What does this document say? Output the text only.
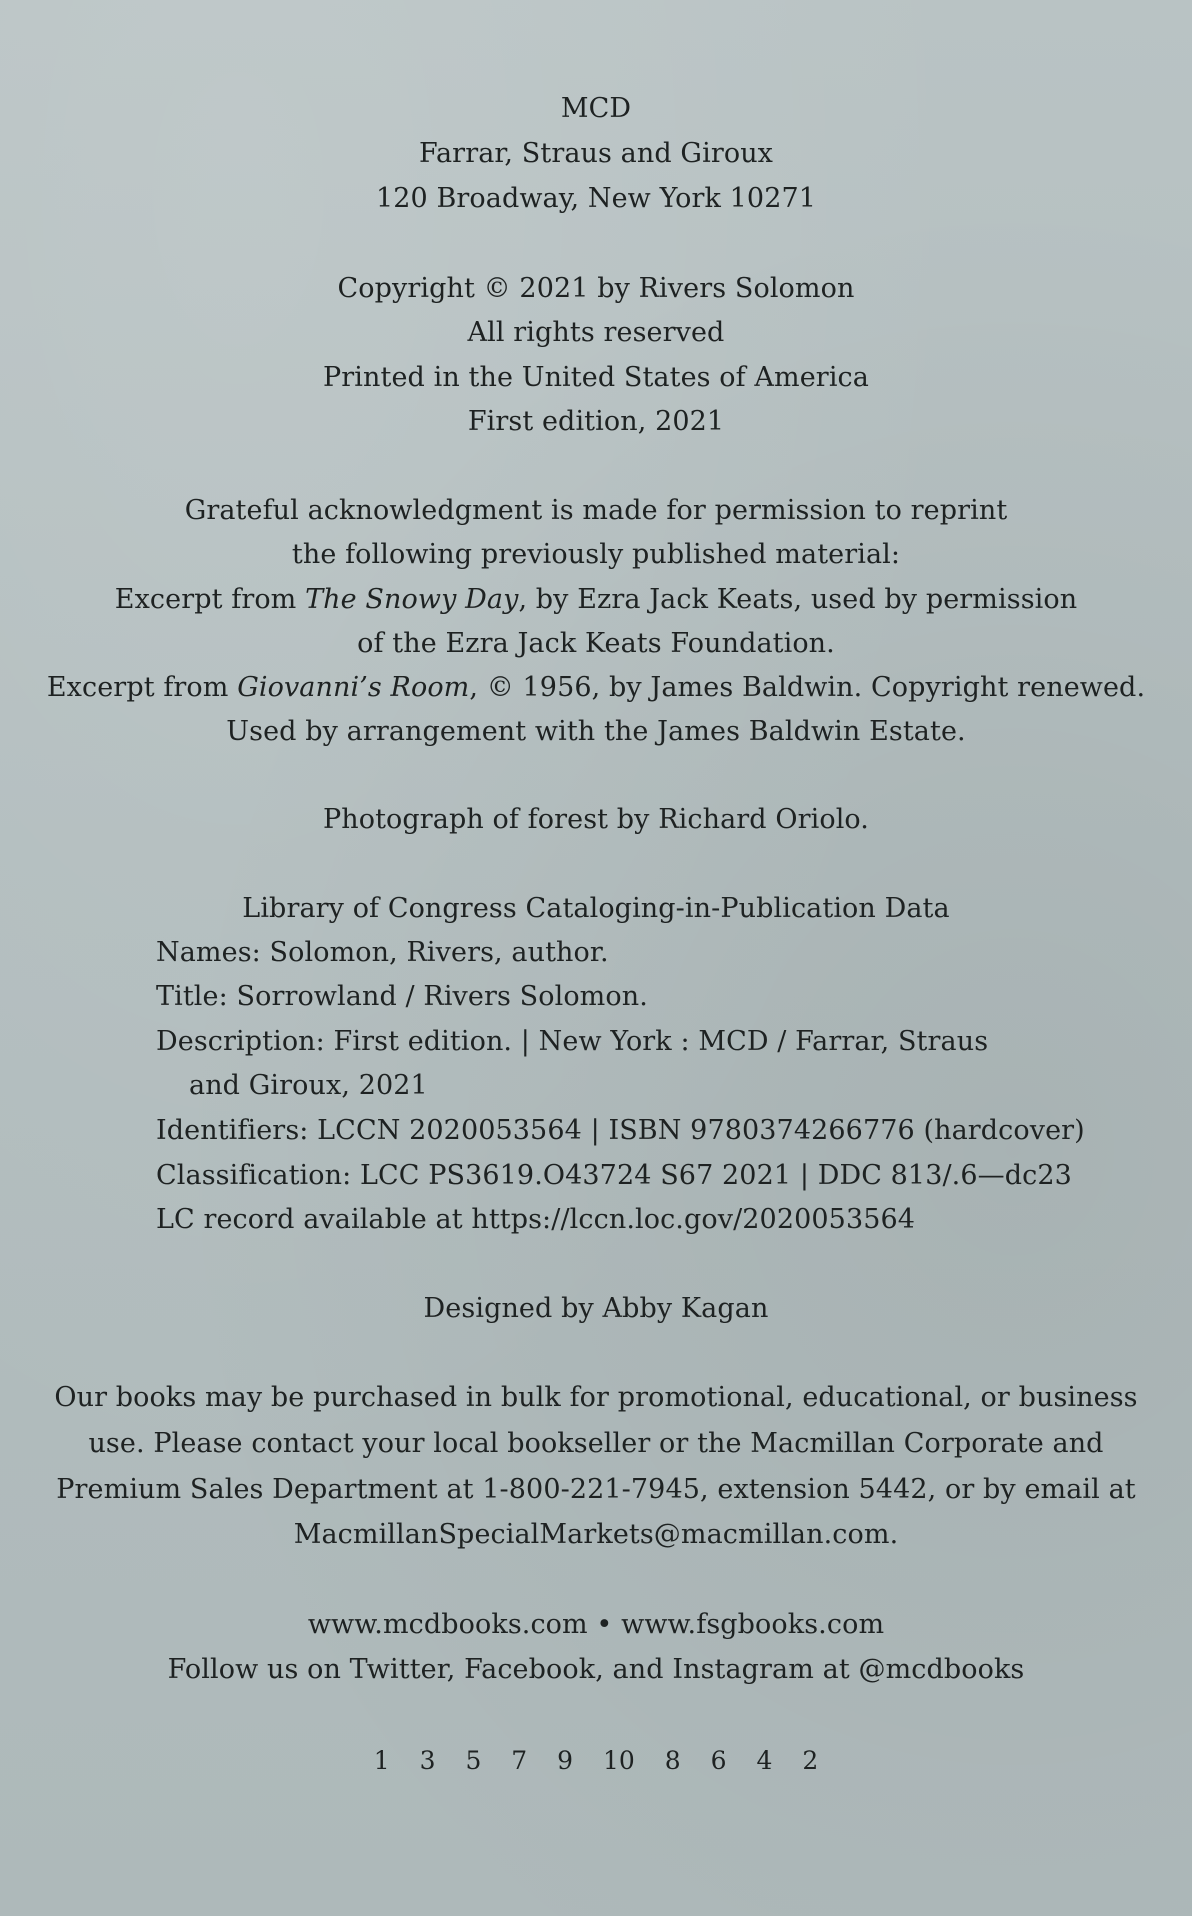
MCD
Farrar, Straus and Giroux
120 Broadway, New York 10271
Copyright © 2021 by Rivers Solomon
All rights reserved
Printed in the United States of America
First edition, 2021
Grateful acknowledgment is made for permission to reprint
the following previously published material:
Excerpt from The Snowy Day, by Ezra Jack Keats, used by permission
of the Ezra Jack Keats Foundation.
Excerpt from Giovanni’s Room, © 1956, by James Baldwin. Copyright renewed.
Used by arrangement with the James Baldwin Estate.
Photograph of forest by Richard Oriolo.
Library of Congress Cataloging-in-Publication Data
Names: Solomon, Rivers, author.
Title: Sorrowland / Rivers Solomon.
Description: First edition. | New York : MCD / Farrar, Straus
and Giroux, 2021
Identifiers: LCCN 2020053564 | ISBN 9780374266776 (hardcover)
Classification: LCC PS3619.O43724 S67 2021 | DDC 813/.6—dc23
LC record available at https://lccn.loc.gov/2020053564
Designed by Abby Kagan
Our books may be purchased in bulk for promotional, educational, or business
use. Please contact your local bookseller or the Macmillan Corporate and
Premium Sales Department at 1-800-221-7945, extension 5442, or by email at
MacmillanSpecialMarkets@macmillan.com.
www.mcdbooks.com • www.fsgbooks.com
Follow us on Twitter, Facebook, and Instagram at @mcdbooks
1 3 5 7 9 10 8 6 4 2
